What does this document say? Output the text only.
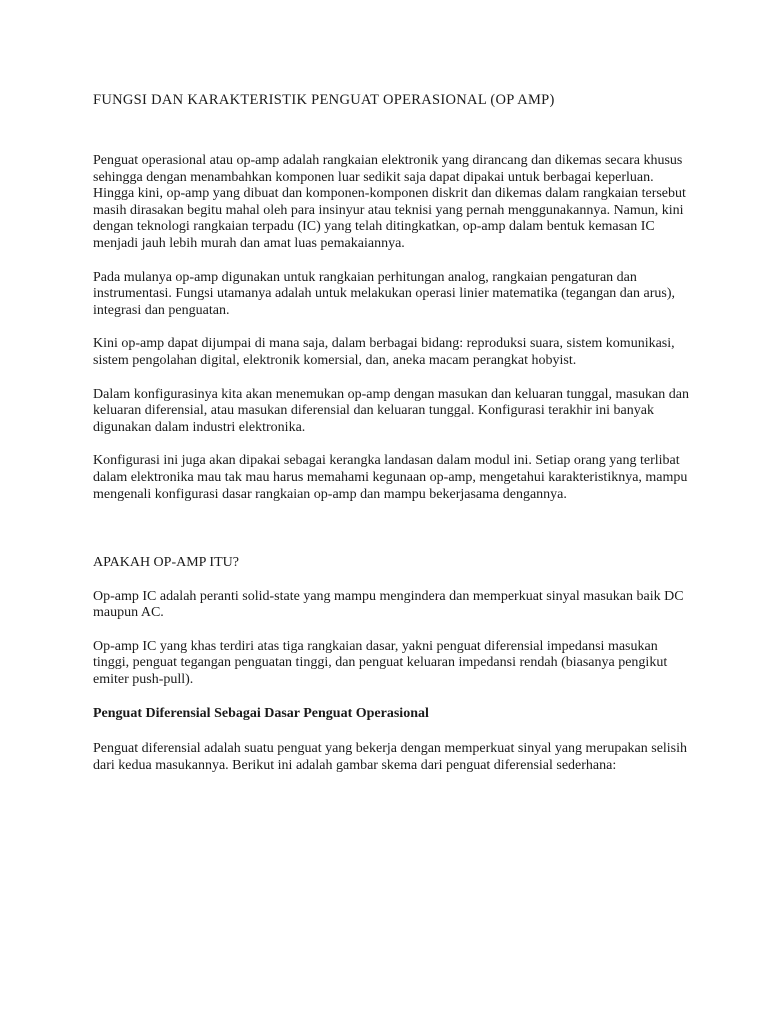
FUNGSI DAN KARAKTERISTIK PENGUAT OPERASIONAL (OP AMP)

Penguat operasional atau op-amp adalah rangkaian elektronik yang dirancang dan dikemas secara khusus sehingga dengan menambahkan komponen luar sedikit saja dapat dipakai untuk berbagai keperluan. Hingga kini, op-amp yang dibuat dan komponen-komponen diskrit dan dikemas dalam rangkaian tersebut masih dirasakan begitu mahal oleh para insinyur atau teknisi yang pernah menggunakannya. Namun, kini dengan teknologi rangkaian terpadu (IC) yang telah ditingkatkan, op-amp dalam bentuk kemasan IC menjadi jauh lebih murah dan amat luas pemakaiannya.

Pada mulanya op-amp digunakan untuk rangkaian perhitungan analog, rangkaian pengaturan dan instrumentasi. Fungsi utamanya adalah untuk melakukan operasi linier matematika (tegangan dan arus), integrasi dan penguatan.

Kini op-amp dapat dijumpai di mana saja, dalam berbagai bidang: reproduksi suara, sistem komunikasi, sistem pengolahan digital, elektronik komersial, dan, aneka macam perangkat hobyist.

Dalam konfigurasinya kita akan menemukan op-amp dengan masukan dan keluaran tunggal, masukan dan keluaran diferensial, atau masukan diferensial dan keluaran tunggal. Konfigurasi terakhir ini banyak digunakan dalam industri elektronika.

Konfigurasi ini juga akan dipakai sebagai kerangka landasan dalam modul ini. Setiap orang yang terlibat dalam elektronika mau tak mau harus memahami kegunaan op-amp, mengetahui karakteristiknya, mampu mengenali konfigurasi dasar rangkaian op-amp dan mampu bekerjasama dengannya.

APAKAH OP-AMP ITU?

Op-amp IC adalah peranti solid-state yang mampu mengindera dan memperkuat sinyal masukan baik DC maupun AC.

Op-amp IC yang khas terdiri atas tiga rangkaian dasar, yakni penguat diferensial impedansi masukan tinggi, penguat tegangan penguatan tinggi, dan penguat keluaran impedansi rendah (biasanya pengikut emiter push-pull).

Penguat Diferensial Sebagai Dasar Penguat Operasional

Penguat diferensial adalah suatu penguat yang bekerja dengan memperkuat sinyal yang merupakan selisih dari kedua masukannya. Berikut ini adalah gambar skema dari penguat diferensial sederhana:
